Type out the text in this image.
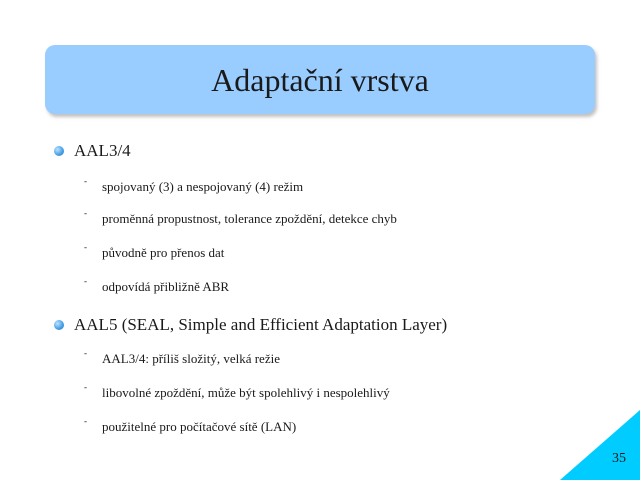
Adaptační vrstva
AAL3/4
-	spojovaný (3) a nespojovaný (4) režim
-	proměnná propustnost, tolerance zpoždění, detekce chyb
-	původně pro přenos dat
-	odpovídá přibližně ABR
AAL5 (SEAL, Simple and Efficient Adaptation Layer)
-	AAL3/4: příliš složitý, velká režie
-	libovolné zpoždění, může být spolehlivý i nespolehlivý
-	použitelné pro počítačové sítě (LAN)
35
